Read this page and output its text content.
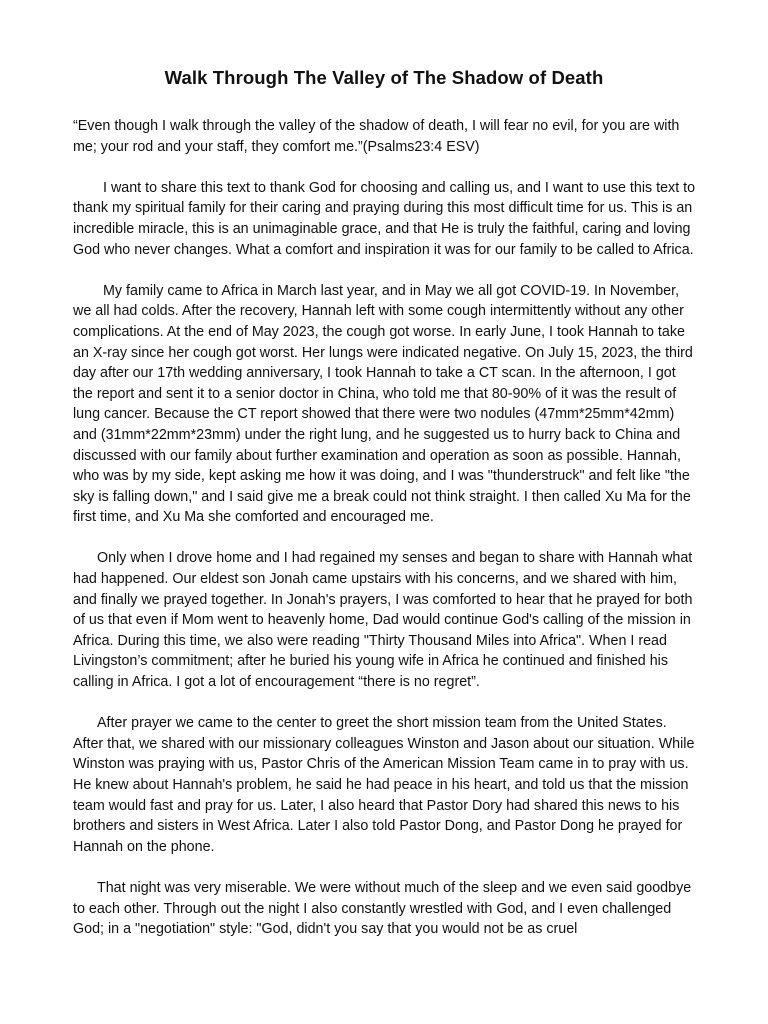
Walk Through The Valley of The Shadow of Death

“Even though I walk through the valley of the shadow of death, I will fear no evil, for you are with me; your rod and your staff, they comfort me.”(Psalms23:4 ESV)

I want to share this text to thank God for choosing and calling us, and I want to use this text to thank my spiritual family for their caring and praying during this most difficult time for us. This is an incredible miracle, this is an unimaginable grace, and that He is truly the faithful, caring and loving God who never changes. What a comfort and inspiration it was for our family to be called to Africa.

My family came to Africa in March last year, and in May we all got COVID-19. In November, we all had colds. After the recovery, Hannah left with some cough intermittently without any other complications. At the end of May 2023, the cough got worse. In early June, I took Hannah to take an X-ray since her cough got worst. Her lungs were indicated negative. On July 15, 2023, the third day after our 17th wedding anniversary, I took Hannah to take a CT scan. In the afternoon, I got the report and sent it to a senior doctor in China, who told me that 80-90% of it was the result of lung cancer. Because the CT report showed that there were two nodules (47mm*25mm*42mm) and (31mm*22mm*23mm) under the right lung, and he suggested us to hurry back to China and discussed with our family about further examination and operation as soon as possible. Hannah, who was by my side, kept asking me how it was doing, and I was "thunderstruck" and felt like "the sky is falling down," and I said give me a break could not think straight. I then called Xu Ma for the first time, and Xu Ma she comforted and encouraged me.

Only when I drove home and I had regained my senses and began to share with Hannah what had happened. Our eldest son Jonah came upstairs with his concerns, and we shared with him, and finally we prayed together. In Jonah's prayers, I was comforted to hear that he prayed for both of us that even if Mom went to heavenly home, Dad would continue God's calling of the mission in Africa. During this time, we also were reading "Thirty Thousand Miles into Africa". When I read Livingston’s commitment; after he buried his young wife in Africa he continued and finished his calling in Africa. I got a lot of encouragement “there is no regret”.

After prayer we came to the center to greet the short mission team from the United States. After that, we shared with our missionary colleagues Winston and Jason about our situation. While Winston was praying with us, Pastor Chris of the American Mission Team came in to pray with us. He knew about Hannah's problem, he said he had peace in his heart, and told us that the mission team would fast and pray for us. Later, I also heard that Pastor Dory had shared this news to his brothers and sisters in West Africa. Later I also told Pastor Dong, and Pastor Dong he prayed for Hannah on the phone.

That night was very miserable. We were without much of the sleep and we even said goodbye to each other. Through out the night I also constantly wrestled with God, and I even challenged God; in a "negotiation" style: "God, didn't you say that you would not be as cruel
